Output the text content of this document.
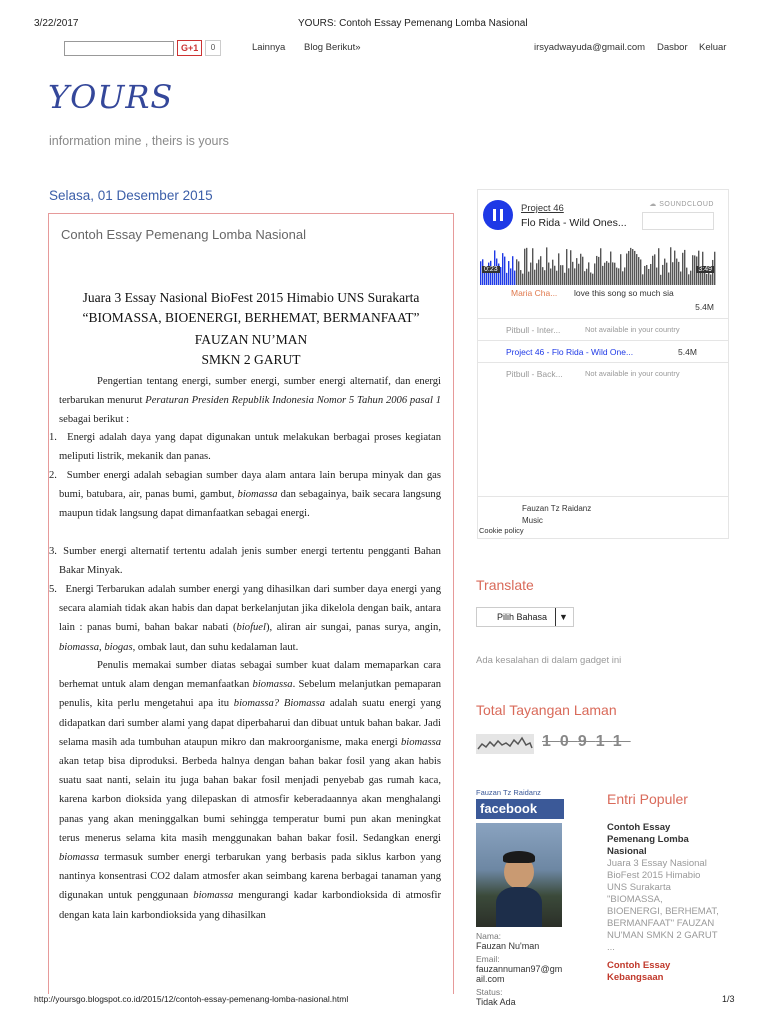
3/22/2017	YOURS: Contoh Essay Pemenang Lomba Nasional
G+1	0	Lainnya Blog Berikut»	irsyadwayuda@gmail.com Dasbor Keluar
YOURS
information mine , theirs is yours
Selasa, 01 Desember 2015
Contoh Essay Pemenang Lomba Nasional
Juara 3 Essay Nasional BioFest 2015 Himabio UNS Surakarta
“BIOMASSA, BIOENERGI, BERHEMAT, BERMANFAAT”
FAUZAN NU’MAN
SMKN 2 GARUT
Pengertian tentang energi, sumber energi, sumber energi alternatif, dan energi terbarukan menurut Peraturan Presiden Republik Indonesia Nomor 5 Tahun 2006 pasal 1 sebagai berikut :
1. Energi adalah daya yang dapat digunakan untuk melakukan berbagai proses kegiatan meliputi listrik, mekanik dan panas.
2. Sumber energi adalah sebagian sumber daya alam antara lain berupa minyak dan gas bumi, batubara, air, panas bumi, gambut, biomassa dan sebagainya, baik secara langsung maupun tidak langsung dapat dimanfaatkan sebagai energi.
3. Sumber energi alternatif tertentu adalah jenis sumber energi tertentu pengganti Bahan Bakar Minyak.
5. Energi Terbarukan adalah sumber energi yang dihasilkan dari sumber daya energi yang secara alamiah tidak akan habis dan dapat berkelanjutan jika dikelola dengan baik, antara lain : panas bumi, bahan bakar nabati (biofuel), aliran air sungai, panas surya, angin, biomassa, biogas, ombak laut, dan suhu kedalaman laut.
Penulis memakai sumber diatas sebagai sumber kuat dalam memaparkan cara berhemat untuk alam dengan memanfaatkan biomassa. Sebelum melanjutkan pemaparan penulis, kita perlu mengetahui apa itu biomassa? Biomassa adalah suatu energi yang didapatkan dari sumber alami yang dapat diperbaharui dan dibuat untuk bahan bakar. Jadi selama masih ada tumbuhan ataupun mikro dan makroorganisme, maka energi biomassa akan tetap bisa diproduksi. Berbeda halnya dengan bahan bakar fosil yang akan habis suatu saat nanti, selain itu juga bahan bakar fosil menjadi penyebab gas rumah kaca, karena karbon dioksida yang dilepaskan di atmosfir keberadaannya akan menghalangi panas yang akan meninggalkan bumi sehingga temperatur bumi pun akan meningkat terus menerus selama kita masih menggunakan bahan bakar fosil. Sedangkan energi biomassa termasuk sumber energi terbarukan yang berbasis pada siklus karbon yang nantinya konsentrasi CO2 dalam atmosfer akan seimbang karena berbagai tanaman yang digunakan untuk penggunaan biomassa mengurangi kadar karbondioksida di atmosfir dengan kata lain karbondioksida yang dihasilkan
Project 46
Flo Rida - Wild Ones...
☁ SOUNDCLOUD
0:23	3:49
Maria Cha... love this song so much sia
5.4M
Pitbull - Inter...	Not available in your country
Project 46 - Flo Rida - Wild One...	5.4M
Pitbull - Back...	Not available in your country
Fauzan Tz Raidanz
Music
Cookie policy
Translate
Pilih Bahasa	▼
Ada kesalahan di dalam gadget ini
Total Tayangan Laman
10911
Fauzan Tz Raidanz
facebook
Nama:
Fauzan Nu'man
Email:
fauzannuman97@gmail.com
Status:
Tidak Ada
Entri Populer
Contoh Essay Pemenang Lomba Nasional
Juara 3 Essay Nasional BioFest 2015 Himabio UNS Surakarta "BIOMASSA, BIOENERGI, BERHEMAT, BERMANFAAT" FAUZAN NU'MAN SMKN 2 GARUT ...
Contoh Essay Kebangsaan
http://yoursgo.blogspot.co.id/2015/12/contoh-essay-pemenang-lomba-nasional.html	1/3
